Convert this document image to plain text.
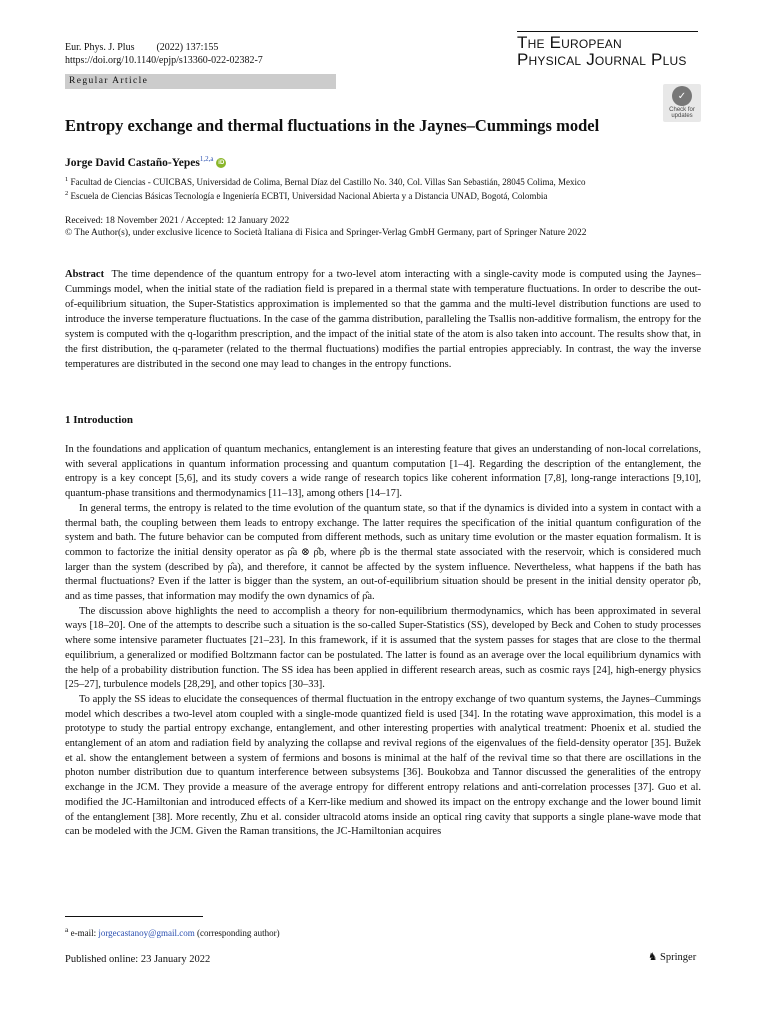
Eur. Phys. J. Plus (2022) 137:155
https://doi.org/10.1140/epjp/s13360-022-02382-7
The European
Physical Journal Plus
Regular Article
✓
Check for updates
Entropy exchange and thermal fluctuations in the Jaynes–Cummings model
Jorge David Castaño-Yepes$^{1,2,a}$ iD
$^1$ Facultad de Ciencias - CUICBAS, Universidad de Colima, Bernal Díaz del Castillo No. 340, Col. Villas San Sebastián, 28045 Colima, Mexico
$^2$ Escuela de Ciencias Básicas Tecnología e Ingeniería ECBTI, Universidad Nacional Abierta y a Distancia UNAD, Bogotá, Colombia
Received: 18 November 2021 / Accepted: 12 January 2022
© The Author(s), under exclusive licence to Società Italiana di Fisica and Springer-Verlag GmbH Germany, part of Springer Nature 2022
Abstract The time dependence of the quantum entropy for a two-level atom interacting with a single-cavity mode is computed using the Jaynes–Cummings model, when the initial state of the radiation field is prepared in a thermal state with temperature fluctuations. In order to describe the out-of-equilibrium situation, the Super-Statistics approximation is implemented so that the gamma and the multi-level distribution functions are used to introduce the inverse temperature fluctuations. In the case of the gamma distribution, paralleling the Tsallis non-additive formalism, the entropy for the system is computed with the q-logarithm prescription, and the impact of the initial state of the atom is also taken into account. The results show that, in the first distribution, the q-parameter (related to the thermal fluctuations) modifies the partial entropies appreciably. In contrast, the way the inverse temperatures are distributed in the second one may lead to changes in the entropy functions.
1 Introduction

In the foundations and application of quantum mechanics, entanglement is an interesting feature that gives an understanding of non-local correlations, with several applications in quantum information processing and quantum computation [1–4]. Regarding the description of the entanglement, the entropy is a key concept [5,6], and its study covers a wide range of research topics like coherent information [7,8], long-range interactions [9,10], quantum-phase transitions and thermodynamics [11–13], among others [14–17].

In general terms, the entropy is related to the time evolution of the quantum state, so that if the dynamics is divided into a system in contact with a thermal bath, the coupling between them leads to entropy exchange. The latter requires the specification of the initial quantum configuration of the system and bath. The future behavior can be computed from different methods, such as unitary time evolution or the master equation formalism. It is common to factorize the initial density operator as ρ̂a ⊗ ρ̂b, where ρ̂b is the thermal state associated with the reservoir, which is considered much larger than the system (described by ρ̂a), and therefore, it cannot be affected by the system influence. Nevertheless, what happens if the bath has thermal fluctuations? Even if the latter is bigger than the system, an out-of-equilibrium situation should be present in the initial density operator ρ̂b, and as time passes, that information may modify the own dynamics of ρ̂a.

The discussion above highlights the need to accomplish a theory for non-equilibrium thermodynamics, which has been approximated in several ways [18–20]. One of the attempts to describe such a situation is the so-called Super-Statistics (SS), developed by Beck and Cohen to study processes where some intensive parameter fluctuates [21–23]. In this framework, if it is assumed that the system passes for stages that are close to the thermal equilibrium, a generalized or modified Boltzmann factor can be postulated. The latter is found as an average over the local equilibrium dynamics with the help of a probability distribution function. The SS idea has been applied in different research areas, such as cosmic rays [24], high-energy physics [25–27], turbulence models [28,29], and other topics [30–33].

To apply the SS ideas to elucidate the consequences of thermal fluctuation in the entropy exchange of two quantum systems, the Jaynes–Cummings model which describes a two-level atom coupled with a single-mode quantized field is used [34]. In the rotating wave approximation, this model is a prototype to study the partial entropy exchange, entanglement, and other interesting properties with analytical treatment: Phoenix et al. studied the entanglement of an atom and radiation field by analyzing the collapse and revival regions of the eigenvalues of the field-density operator [35]. Bužek et al. show the entanglement between a system of fermions and bosons is minimal at the half of the revival time so that there are oscillations in the photon number distribution due to quantum interference between subsystems [36]. Boukobza and Tannor discussed the generalities of the entropy exchange in the JCM. They provide a measure of the average entropy for different entropy relations and anti-correlation processes [37]. Guo et al. modified the JC-Hamiltonian and introduced effects of a Kerr-like medium and showed its impact on the entropy exchange and the lower bound limit of the entanglement [38]. More recently, Zhu et al. consider ultracold atoms inside an optical ring cavity that supports a single plane-wave mode that can be modeled with the JCM. Given the Raman transitions, the JC-Hamiltonian acquires

$^a$ e-mail: jorgecastanoy@gmail.com (corresponding author)
Published online: 23 January 2022	♞ Springer
